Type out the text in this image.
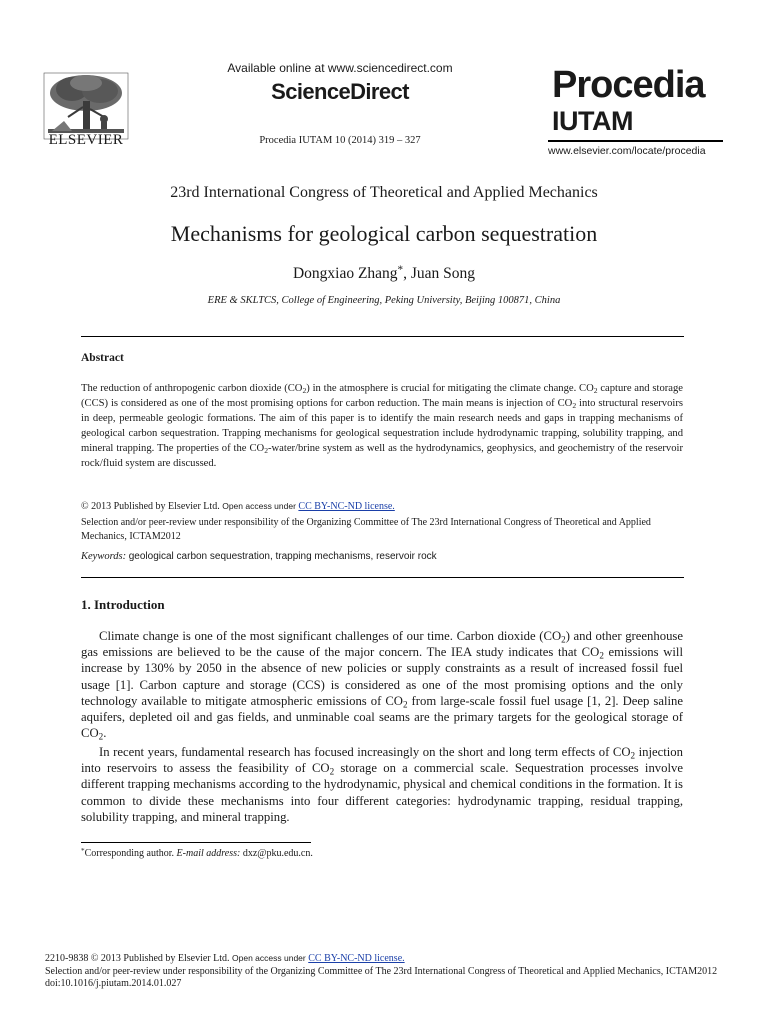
ELSEVIER
Available online at www.sciencedirect.com
ScienceDirect
Procedia IUTAM 10 (2014) 319 – 327
Procedia
IUTAM
www.elsevier.com/locate/procedia
23rd International Congress of Theoretical and Applied Mechanics
Mechanisms for geological carbon sequestration
Dongxiao Zhang*, Juan Song
ERE & SKLTCS, College of Engineering, Peking University, Beijing 100871, China
Abstract
The reduction of anthropogenic carbon dioxide $(CO_2)$ in the atmosphere is crucial for mitigating the climate change. $CO_2$ capture and storage (CCS) is considered as one of the most promising options for carbon reduction. The main means is injection of $CO_2$ into structural reservoirs in deep, permeable geologic formations. The aim of this paper is to identify the main research needs and gaps in trapping mechanisms of geological carbon sequestration. Trapping mechanisms for geological sequestration include hydrodynamic trapping, solubility trapping, and mineral trapping. The properties of the $CO_2-water$/brine system as well as the hydrodynamics, geophysics, and geochemistry of the reservoir rock/fluid system are discussed.
© 2013 Published by Elsevier Ltd. Open access under CC BY-NC-ND license.
Selection and/or peer-review under responsibility of the Organizing Committee of The 23rd International Congress of Theoretical and Applied Mechanics, ICTAM2012
Keywords: geological carbon sequestration, trapping mechanisms, reservoir rock
1. Introduction
Climate change is one of the most significant challenges of our time. Carbon dioxide $(CO_2)$ and other greenhouse gas emissions are believed to be the cause of the major concern. The IEA study indicates that $CO_2$ emissions will increase by 130% by 2050 in the absence of new policies or supply constraints as a result of increased fossil fuel usage [1]. Carbon capture and storage (CCS) is considered as one of the most promising options and the only technology available to mitigate atmospheric emissions of $CO_2$ from large-scale fossil fuel usage [1, 2]. Deep saline aquifers, depleted oil and gas fields, and unminable coal seams are the primary targets for the geological storage of $CO_2$.
In recent years, fundamental research has focused increasingly on the short and long term effects of $CO_2$ injection into reservoirs to assess the feasibility of $CO_2$ storage on a commercial scale. Sequestration processes involve different trapping mechanisms according to the hydrodynamic, physical and chemical conditions in the formation. It is common to divide these mechanisms into four different categories: hydrodynamic trapping, residual trapping, solubility trapping, and mineral trapping.
*Corresponding author. E-mail address: dxz@pku.edu.cn.
2210-9838 © 2013 Published by Elsevier Ltd. Open access under CC BY-NC-ND license.
Selection and/or peer-review under responsibility of the Organizing Committee of The 23rd International Congress of Theoretical and Applied Mechanics, ICTAM2012
doi:10.1016/j.piutam.2014.01.027
